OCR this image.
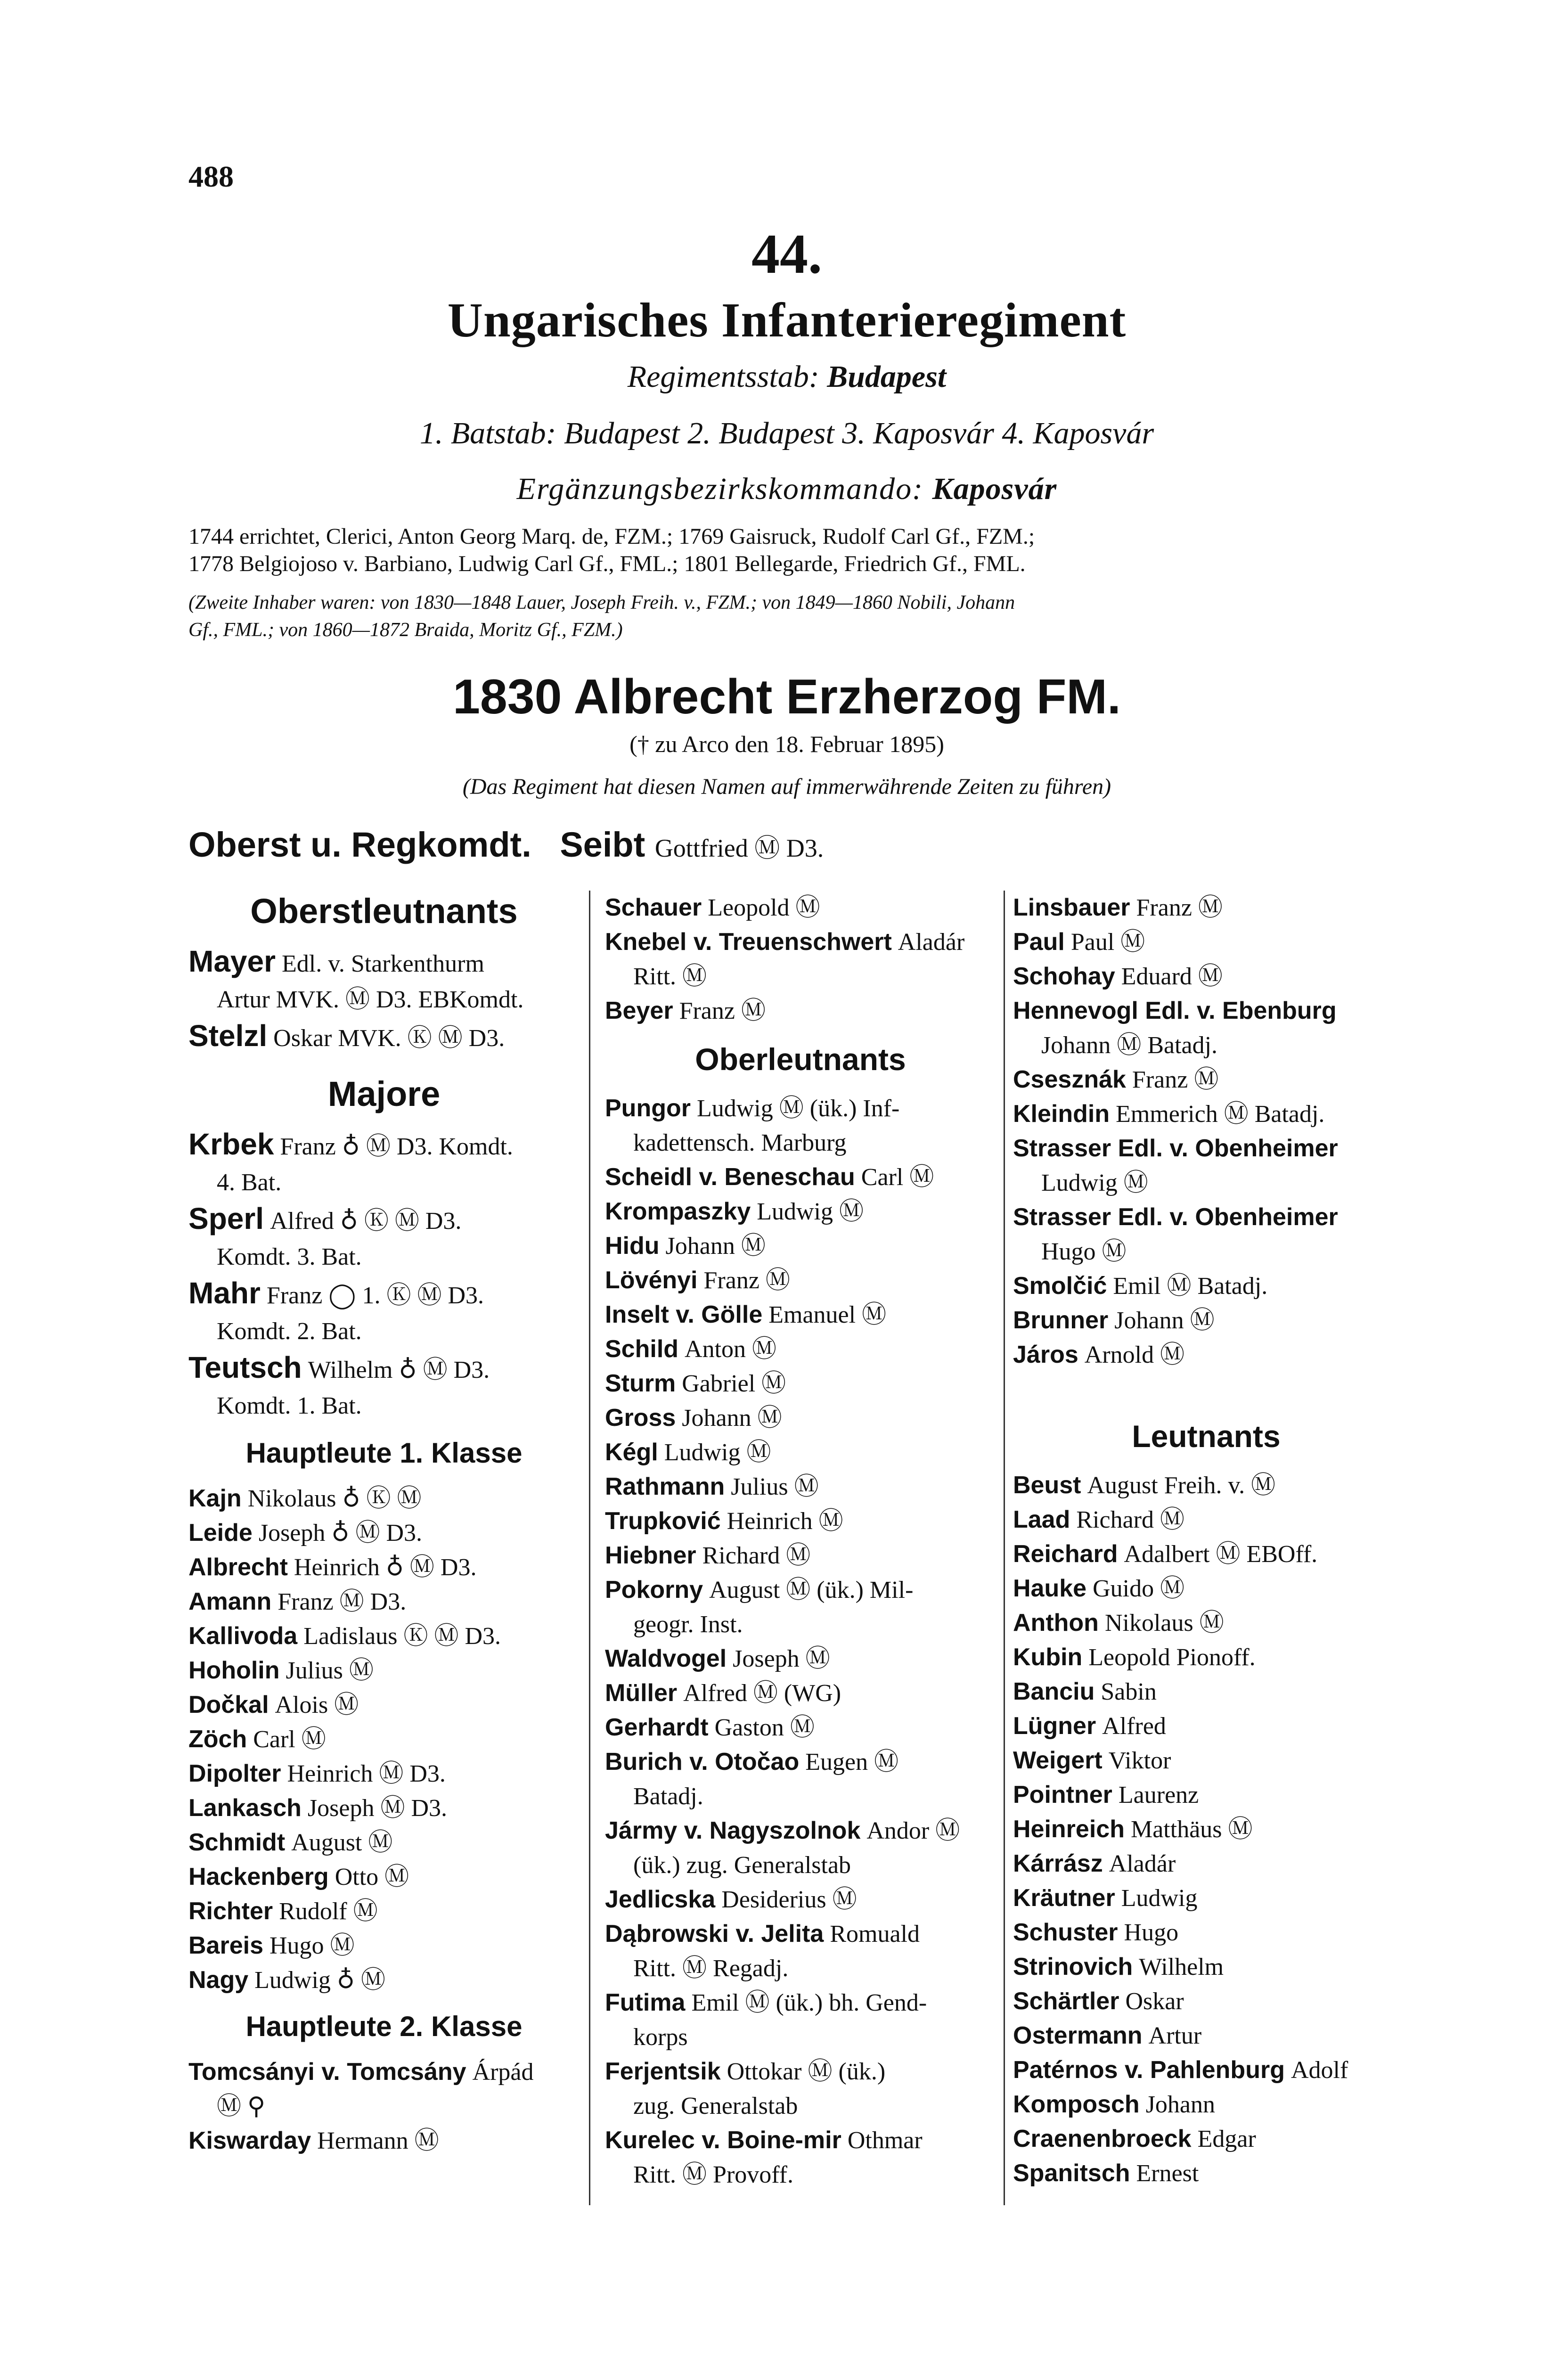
488
44.
Ungarisches Infanterieregiment
Regimentsstab: Budapest
1. Batstab: Budapest 2. Budapest 3. Kaposvár 4. Kaposvár
Ergänzungsbezirkskommando: Kaposvár
1744 errichtet, Clerici, Anton Georg Marq. de, FZM.; 1769 Gaisruck, Rudolf Carl Gf., FZM.;
1778 Belgiojoso v. Barbiano, Ludwig Carl Gf., FML.; 1801 Bellegarde, Friedrich Gf., FML.
(Zweite Inhaber waren: von 1830—1848 Lauer, Joseph Freih. v., FZM.; von 1849—1860 Nobili, Johann
Gf., FML.; von 1860—1872 Braida, Moritz Gf., FZM.)
1830 Albrecht Erzherzog FM.
(† zu Arco den 18. Februar 1895)
(Das Regiment hat diesen Namen auf immerwährende Zeiten zu führen)
Oberst u. Regkomdt. Seibt Gottfried Ⓜ D3.
Oberstleutnants
Mayer Edl. v. Starkenthurm
Artur MVK. Ⓜ D3. EBKomdt.
Stelzl Oskar MVK. Ⓚ Ⓜ D3.
Majore
Krbek Franz ♁ Ⓜ D3. Komdt.
4. Bat.
Sperl Alfred ♁ Ⓚ Ⓜ D3.
Komdt. 3. Bat.
Mahr Franz ◯ 1. Ⓚ Ⓜ D3.
Komdt. 2. Bat.
Teutsch Wilhelm ♁ Ⓜ D3.
Komdt. 1. Bat.
Hauptleute 1. Klasse
Kajn Nikolaus ♁ Ⓚ Ⓜ
Leide Joseph ♁ Ⓜ D3.
Albrecht Heinrich ♁ Ⓜ D3.
Amann Franz Ⓜ D3.
Kallivoda Ladislaus Ⓚ Ⓜ D3.
Hoholin Julius Ⓜ
Dočkal Alois Ⓜ
Zöch Carl Ⓜ
Dipolter Heinrich Ⓜ D3.
Lankasch Joseph Ⓜ D3.
Schmidt August Ⓜ
Hackenberg Otto Ⓜ
Richter Rudolf Ⓜ
Bareis Hugo Ⓜ
Nagy Ludwig ♁ Ⓜ
Hauptleute 2. Klasse
Tomcsányi v. Tomcsány Árpád
Ⓜ ⚲
Kiswarday Hermann Ⓜ
Schauer Leopold Ⓜ
Knebel v. Treuenschwert Aladár
Ritt. Ⓜ
Beyer Franz Ⓜ
Oberleutnants
Pungor Ludwig Ⓜ (ük.) Inf-
kadettensch. Marburg
Scheidl v. Beneschau Carl Ⓜ
Krompaszky Ludwig Ⓜ
Hidu Johann Ⓜ
Lövényi Franz Ⓜ
Inselt v. Gölle Emanuel Ⓜ
Schild Anton Ⓜ
Sturm Gabriel Ⓜ
Gross Johann Ⓜ
Kégl Ludwig Ⓜ
Rathmann Julius Ⓜ
Trupković Heinrich Ⓜ
Hiebner Richard Ⓜ
Pokorny August Ⓜ (ük.) Mil-
geogr. Inst.
Waldvogel Joseph Ⓜ
Müller Alfred Ⓜ (WG)
Gerhardt Gaston Ⓜ
Burich v. Otočao Eugen Ⓜ
Batadj.
Jármy v. Nagyszolnok Andor Ⓜ
(ük.) zug. Generalstab
Jedlicska Desiderius Ⓜ
Dąbrowski v. Jelita Romuald
Ritt. Ⓜ Regadj.
Futima Emil Ⓜ (ük.) bh. Gend-
korps
Ferjentsik Ottokar Ⓜ (ük.)
zug. Generalstab
Kurelec v. Boine-mir Othmar
Ritt. Ⓜ Provoff.
Linsbauer Franz Ⓜ
Paul Paul Ⓜ
Schohay Eduard Ⓜ
Hennevogl Edl. v. Ebenburg
Johann Ⓜ Batadj.
Csesznák Franz Ⓜ
Kleindin Emmerich Ⓜ Batadj.
Strasser Edl. v. Obenheimer
Ludwig Ⓜ
Strasser Edl. v. Obenheimer
Hugo Ⓜ
Smolčić Emil Ⓜ Batadj.
Brunner Johann Ⓜ
Járos Arnold Ⓜ
Leutnants
Beust August Freih. v. Ⓜ
Laad Richard Ⓜ
Reichard Adalbert Ⓜ EBOff.
Hauke Guido Ⓜ
Anthon Nikolaus Ⓜ
Kubin Leopold Pionoff.
Banciu Sabin
Lügner Alfred
Weigert Viktor
Pointner Laurenz
Heinreich Matthäus Ⓜ
Kárrász Aladár
Kräutner Ludwig
Schuster Hugo
Strinovich Wilhelm
Schärtler Oskar
Ostermann Artur
Patérnos v. Pahlenburg Adolf
Komposch Johann
Craenenbroeck Edgar
Spanitsch Ernest
